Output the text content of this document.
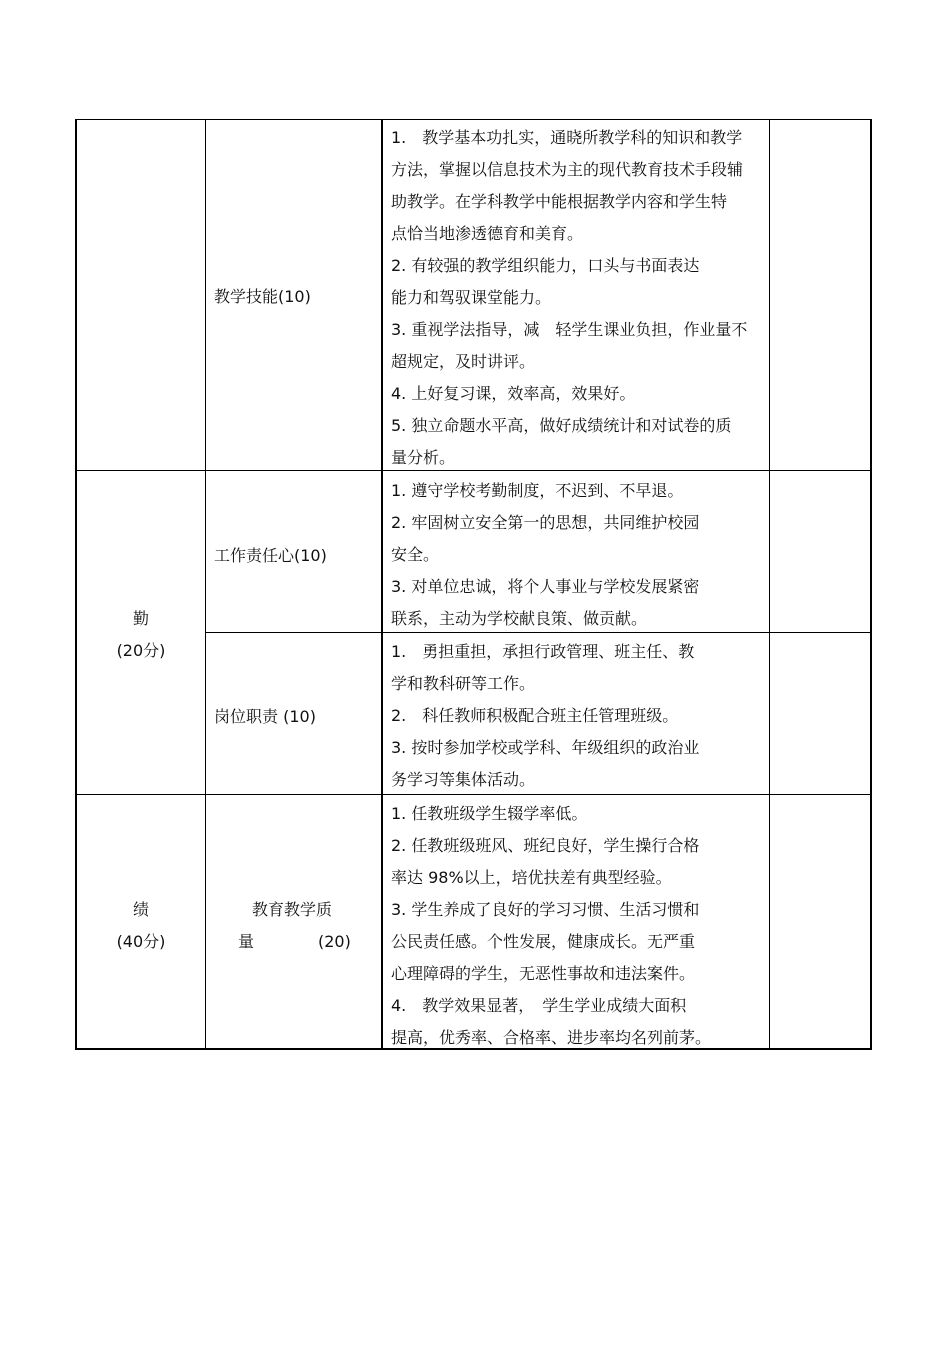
教学技能(10)

1.　教学基本功扎实，通晓所教学科的知识和教学

方法，掌握以信息技术为主的现代教育技术手段辅

助教学。在学科教学中能根据教学内容和学生特

点恰当地渗透德育和美育。

2. 有较强的教学组织能力，口头与书面表达

能力和驾驭课堂能力。

3. 重视学法指导，减　轻学生课业负担，作业量不

超规定，及时讲评。

4. 上好复习课，效率高，效果好。

5. 独立命题水平高，做好成绩统计和对试卷的质

量分析。

勤
(20分)
工作责任心(10)

1. 遵守学校考勤制度，不迟到、不早退。

2. 牢固树立安全第一的思想，共同维护校园

安全。

3. 对单位忠诚，将个人事业与学校发展紧密

联系，主动为学校献良策、做贡献。

岗位职责 (10)

1.　勇担重担，承担行政管理、班主任、教

学和教科研等工作。

2.　科任教师积极配合班主任管理班级。

3. 按时参加学校或学科、年级组织的政治业

务学习等集体活动。

绩
(40分)
教育教学质
量　　　　(20)

1. 任教班级学生辍学率低。

2. 任教班级班风、班纪良好，学生操行合格

率达 98%以上，培优扶差有典型经验。

3. 学生养成了良好的学习习惯、生活习惯和

公民责任感。个性发展，健康成长。无严重

心理障碍的学生，无恶性事故和违法案件。

4.　教学效果显著，　学生学业成绩大面积

提高，优秀率、合格率、进步率均名列前茅。
